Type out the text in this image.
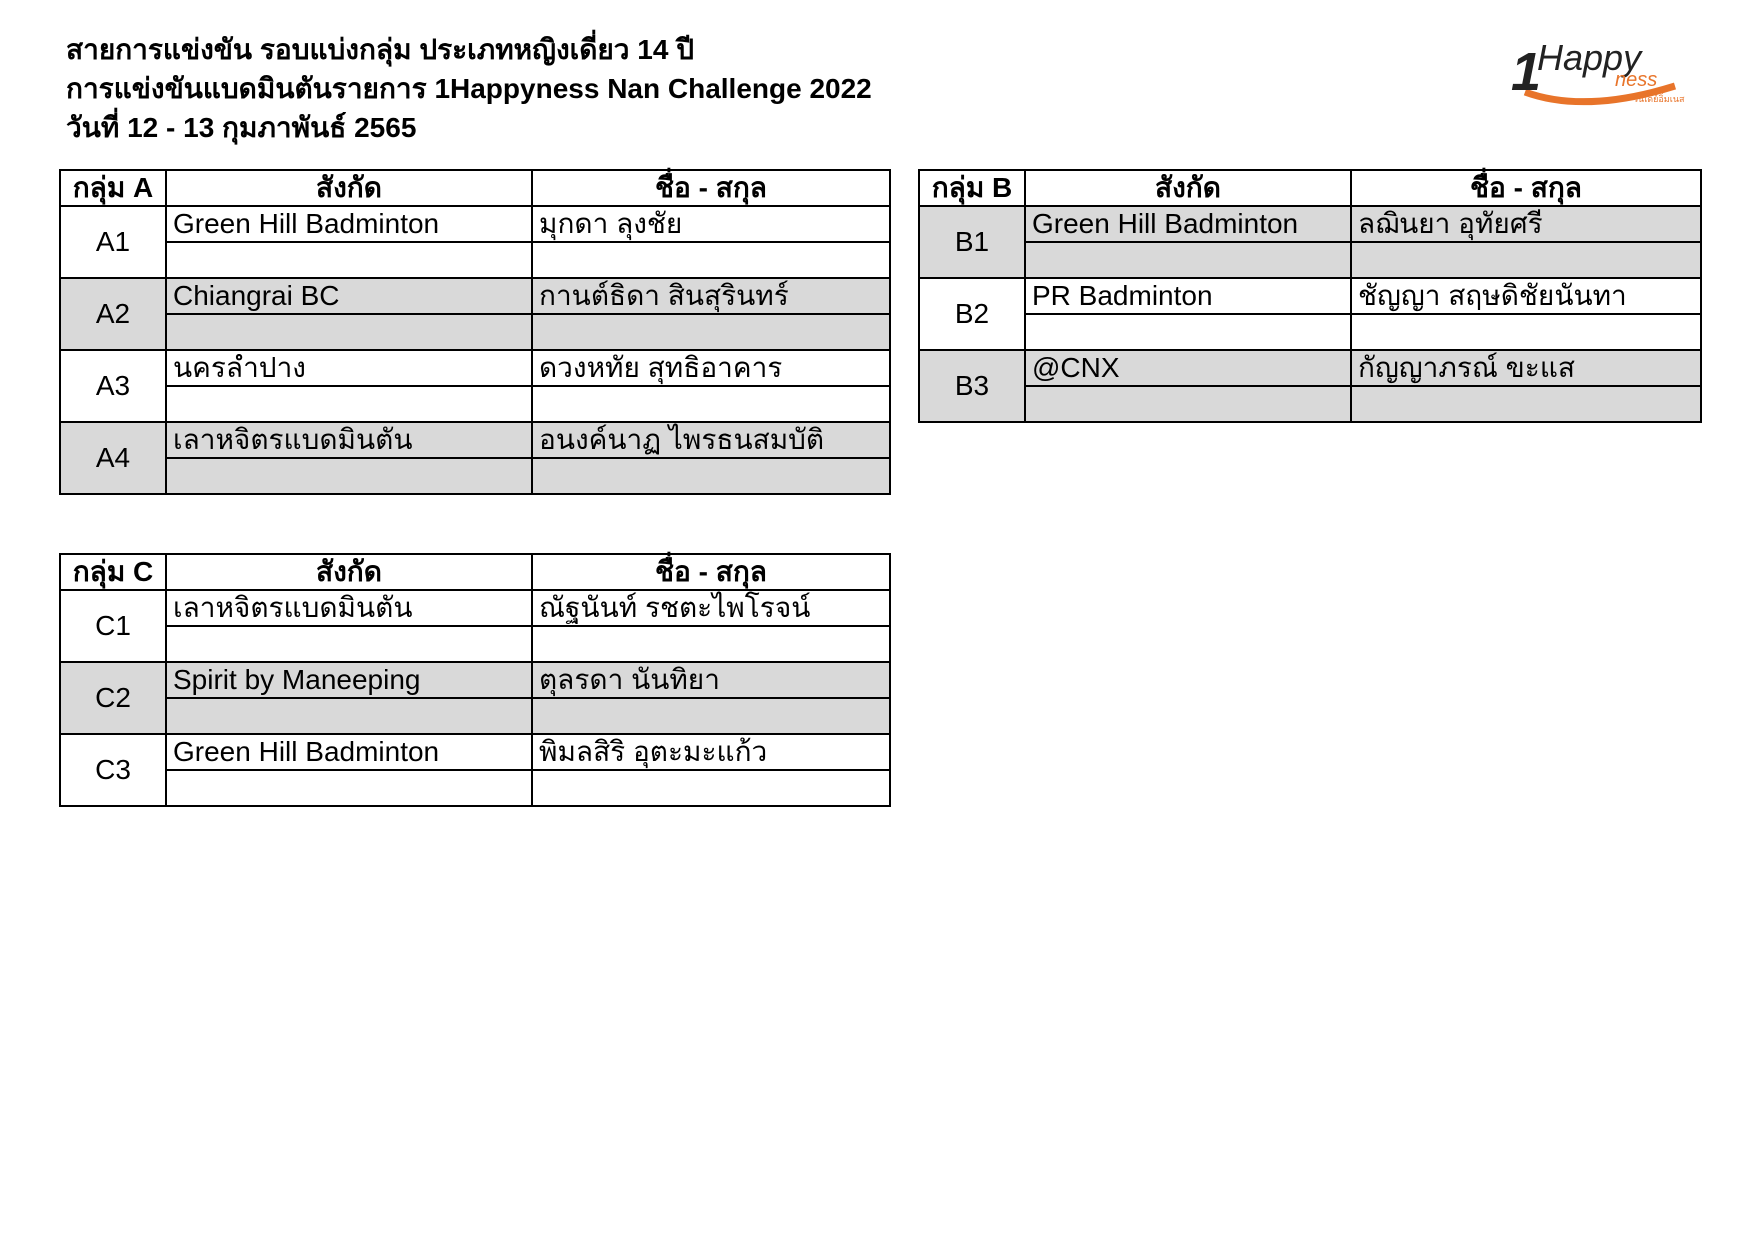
สายการแข่งขัน รอบแบ่งกลุ่ม ประเภทหญิงเดี่ยว 14 ปี
การแข่งขันแบดมินตันรายการ 1Happyness Nan Challenge 2022
วันที่ 12 - 13 กุมภาพันธ์ 2565
1
Happy
ness
วันเดย์อิ่มเนส
กลุ่ม A	สังกัด	ชื่อ - สกุล
A1	Green Hill Badminton	มุกดา ลุงชัย

A2	Chiangrai BC	กานต์ธิดา สินสุรินทร์

A3	นครลำปาง	ดวงหทัย สุทธิอาคาร

A4	เลาหจิตรแบดมินตัน	อนงค์นาฏ ไพรธนสมบัติ

กลุ่ม B	สังกัด	ชื่อ - สกุล
B1	Green Hill Badminton	ลฌินยา อุทัยศรี

B2	PR Badminton	ชัญญา สฤษดิชัยนันทา

B3	@CNX	กัญญาภรณ์ ขะแส

กลุ่ม C	สังกัด	ชื่อ - สกุล
C1	เลาหจิตรแบดมินตัน	ณัฐนันท์ รชตะไพโรจน์

C2	Spirit by Maneeping	ตุลรดา นันทิยา

C3	Green Hill Badminton	พิมลสิริ อุตะมะแก้ว
